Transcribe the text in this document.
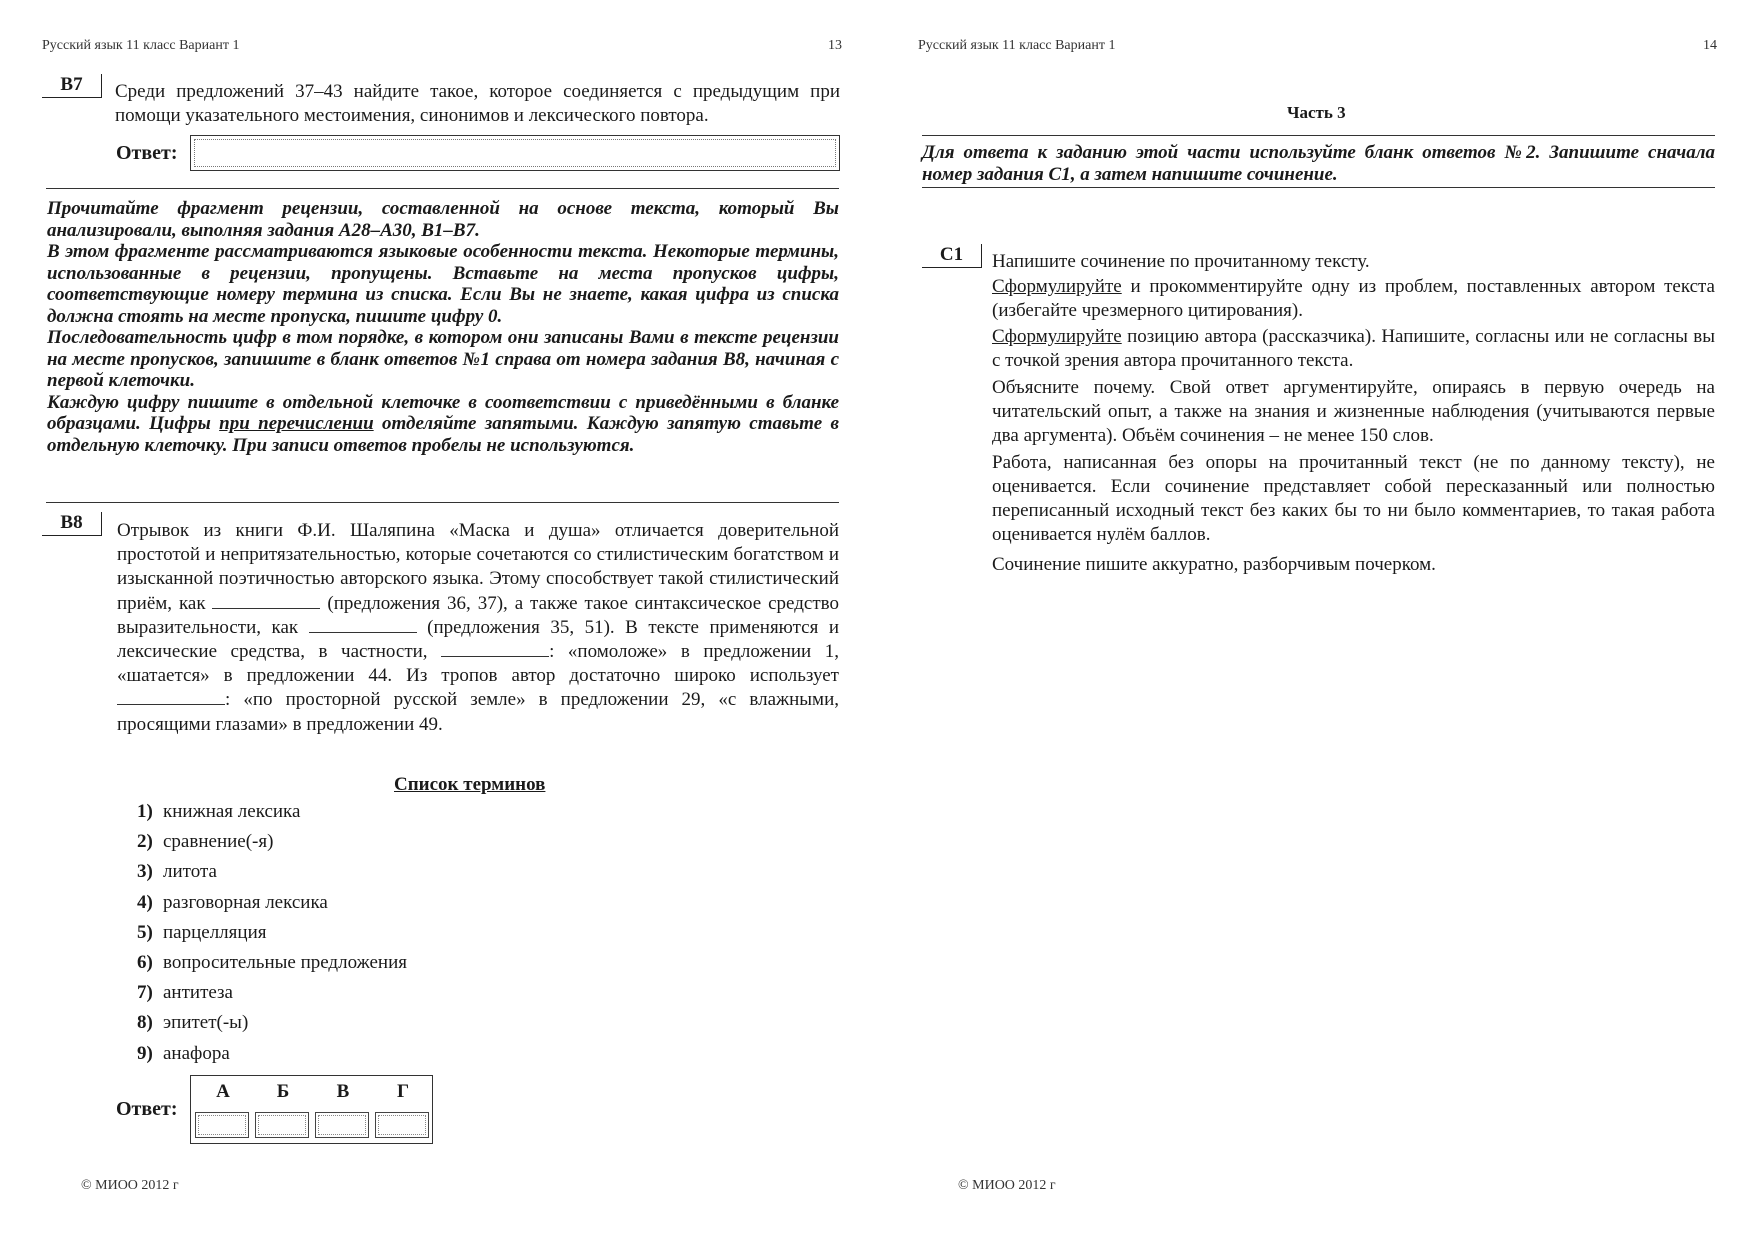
Русский язык 11 класс Вариант 1	13
В7	Среди предложений 37–43 найдите такое, которое соединяется с предыдущим при помощи указательного местоимения, синонимов и лексического повтора.
Ответ:
Прочитайте фрагмент рецензии, составленной на основе текста, который Вы анализировали, выполняя задания А28–А30, В1–В7.
В этом фрагменте рассматриваются языковые особенности текста. Некоторые термины, использованные в рецензии, пропущены. Вставьте на места пропусков цифры, соответствующие номеру термина из списка. Если Вы не знаете, какая цифра из списка должна стоять на месте пропуска, пишите цифру 0.
Последовательность цифр в том порядке, в котором они записаны Вами в тексте рецензии на месте пропусков, запишите в бланк ответов №1 справа от номера задания В8, начиная с первой клеточки.
Каждую цифру пишите в отдельной клеточке в соответствии с приведёнными в бланке образцами. Цифры при перечислении отделяйте запятыми. Каждую запятую ставьте в отдельную клеточку. При записи ответов пробелы не используются.
В8	Отрывок из книги Ф.И. Шаляпина «Маска и душа» отличается доверительной простотой и непритязательностью, которые сочетаются со стилистическим богатством и изысканной поэтичностью авторского языка. Этому способствует такой стилистический приём, как	(предложения 36, 37), а также такое синтаксическое средство выразительности, как	(предложения 35, 51). В тексте применяются и лексические средства, в частности,	: «помоложе» в предложении 1, «шатается» в предложении 44. Из тропов автор достаточно широко использует : «по просторной русской земле» в предложении 29, «с влажными, просящими глазами» в предложении 49.
Список терминов
1) книжная лексика
2) сравнение(-я)
3) литота
4) разговорная лексика
5) парцелляция
6) вопросительные предложения
7) антитеза
8) эпитет(-ы)
9) анафора
Ответ:
А	Б	В	Г
© МИОО 2012 г
Русский язык 11 класс Вариант 1	14
Часть 3
Для ответа к заданию этой части используйте бланк ответов №2. Запишите сначала номер задания С1, а затем напишите сочинение.
С1	Напишите сочинение по прочитанному тексту.
Сформулируйте и прокомментируйте одну из проблем, поставленных автором текста (избегайте чрезмерного цитирования).
Сформулируйте позицию автора (рассказчика). Напишите, согласны или не согласны вы с точкой зрения автора прочитанного текста.
Объясните почему. Свой ответ аргументируйте, опираясь в первую очередь на читательский опыт, а также на знания и жизненные наблюдения (учитываются первые два аргумента). Объём сочинения – не менее 150 слов.
Работа, написанная без опоры на прочитанный текст (не по данному тексту), не оценивается. Если сочинение представляет собой пересказанный или полностью переписанный исходный текст без каких бы то ни было комментариев, то такая работа оценивается нулём баллов.
Сочинение пишите аккуратно, разборчивым почерком.
© МИОО 2012 г
